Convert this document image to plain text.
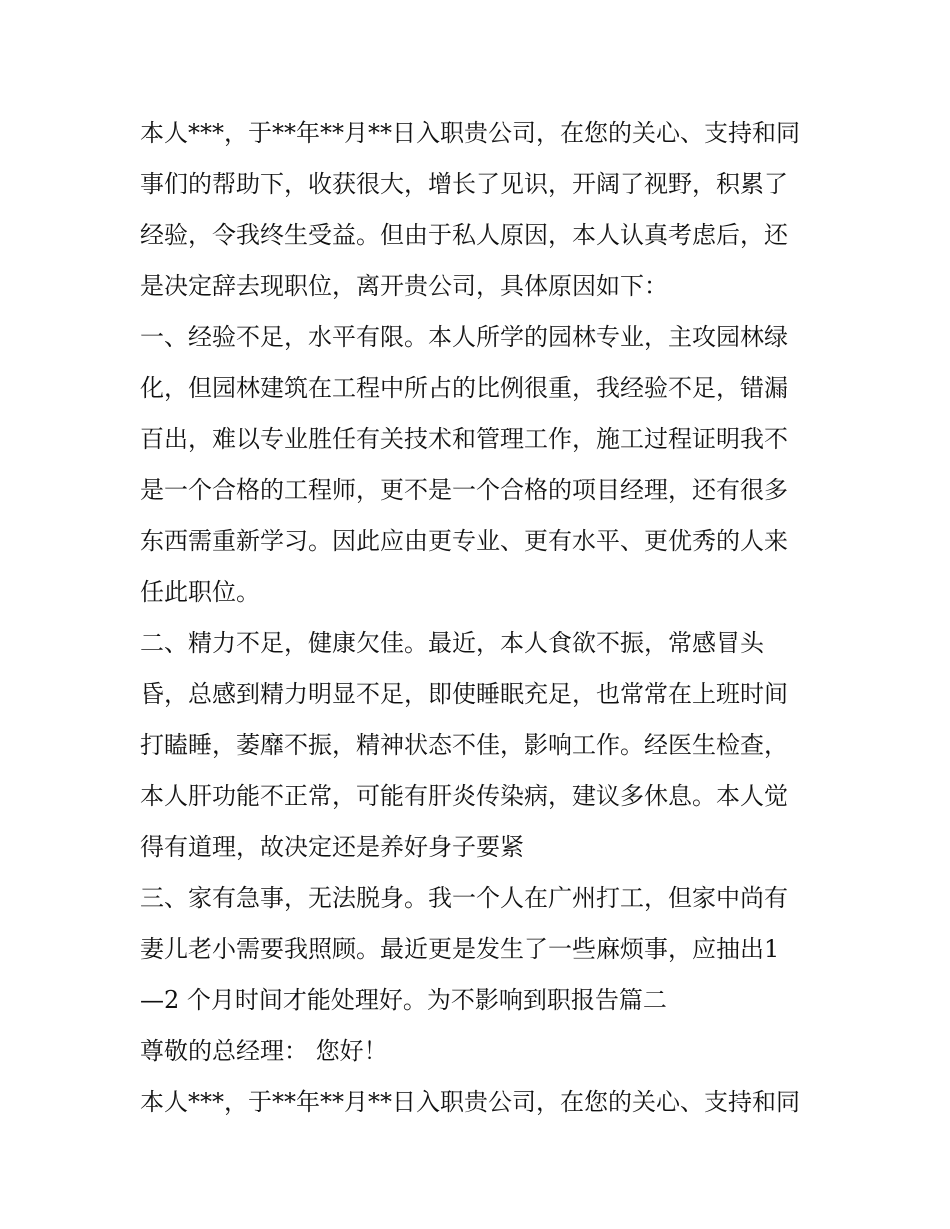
本人***，于**年**月**日入职贵公司，在您的关心、支持和同
事们的帮助下，收获很大，增长了见识，开阔了视野，积累了
经验，令我终生受益。但由于私人原因，本人认真考虑后，还
是决定辞去现职位，离开贵公司，具体原因如下：
一、经验不足，水平有限。本人所学的园林专业，主攻园林绿
化，但园林建筑在工程中所占的比例很重，我经验不足，错漏
百出，难以专业胜任有关技术和管理工作，施工过程证明我不
是一个合格的工程师，更不是一个合格的项目经理，还有很多
东西需重新学习。因此应由更专业、更有水平、更优秀的人来
任此职位。
二、精力不足，健康欠佳。最近，本人食欲不振，常感冒头
昏，总感到精力明显不足，即使睡眠充足，也常常在上班时间
打瞌睡，萎靡不振，精神状态不佳，影响工作。经医生检查，
本人肝功能不正常，可能有肝炎传染病，建议多休息。本人觉
得有道理，故决定还是养好身子要紧
三、家有急事，无法脱身。我一个人在广州打工，但家中尚有
妻儿老小需要我照顾。最近更是发生了一些麻烦事，应抽出1
—2 个月时间才能处理好。为不影响到职报告篇二
尊敬的总经理： 您好！
本人***，于**年**月**日入职贵公司，在您的关心、支持和同
